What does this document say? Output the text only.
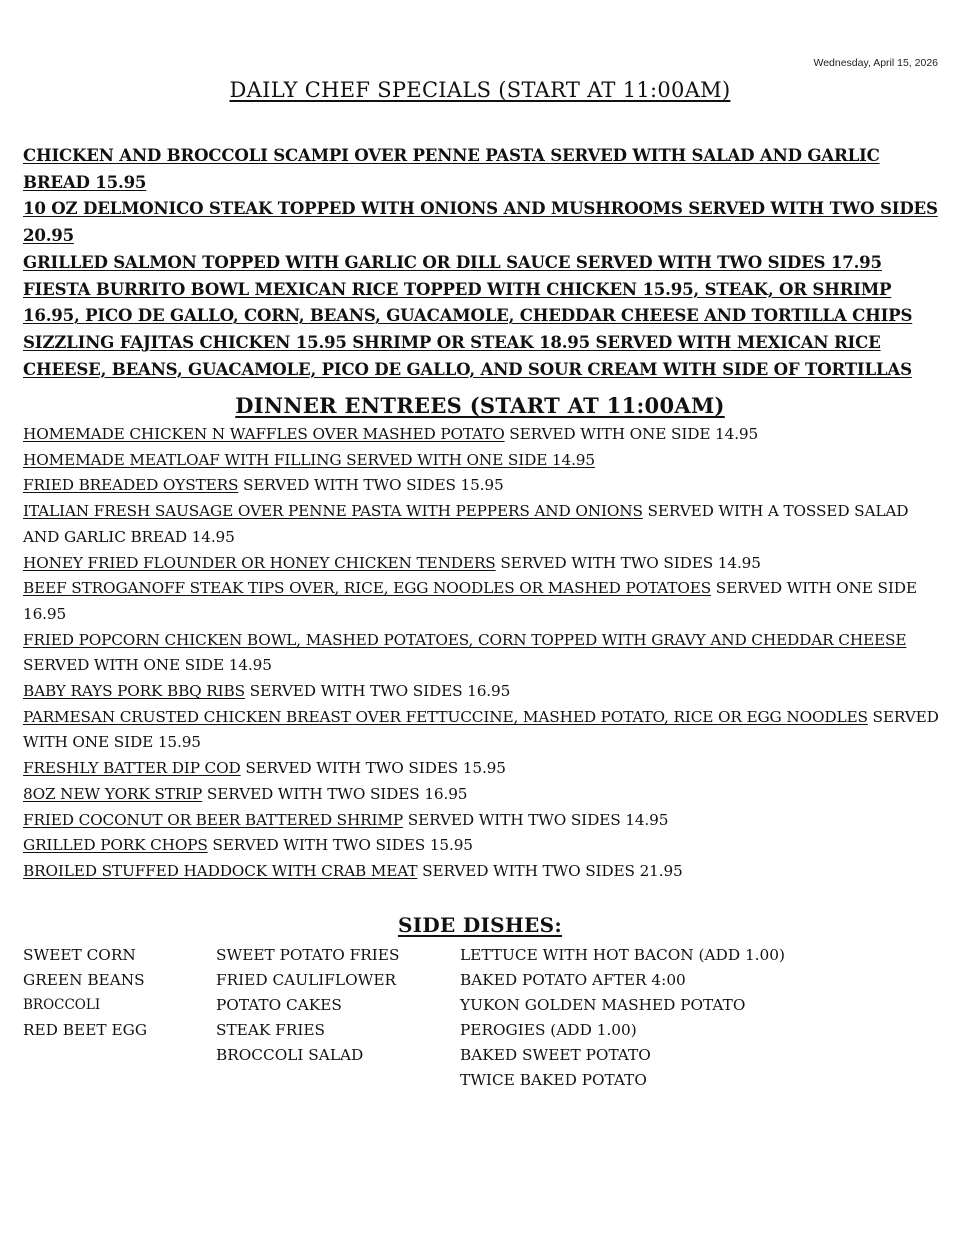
Wednesday, April 15, 2026
DAILY CHEF SPECIALS (START AT 11:00AM)
CHICKEN AND BROCCOLI SCAMPI OVER PENNE PASTA SERVED WITH SALAD AND GARLIC BREAD 15.95
10 OZ DELMONICO STEAK TOPPED WITH ONIONS AND MUSHROOMS SERVED WITH TWO SIDES 20.95
GRILLED SALMON TOPPED WITH GARLIC OR DILL SAUCE SERVED WITH TWO SIDES 17.95
FIESTA BURRITO BOWL MEXICAN RICE TOPPED WITH CHICKEN 15.95, STEAK, OR SHRIMP 16.95, PICO DE GALLO, CORN, BEANS, GUACAMOLE, CHEDDAR CHEESE AND TORTILLA CHIPS
SIZZLING FAJITAS CHICKEN 15.95 SHRIMP OR STEAK 18.95 SERVED WITH MEXICAN RICE CHEESE, BEANS, GUACAMOLE, PICO DE GALLO, AND SOUR CREAM WITH SIDE OF TORTILLAS
DINNER ENTREES (START AT 11:00AM)
HOMEMADE CHICKEN N WAFFLES OVER MASHED POTATO SERVED WITH ONE SIDE 14.95
HOMEMADE MEATLOAF WITH FILLING SERVED WITH ONE SIDE 14.95
FRIED BREADED OYSTERS SERVED WITH TWO SIDES 15.95
ITALIAN FRESH SAUSAGE OVER PENNE PASTA WITH PEPPERS AND ONIONS SERVED WITH A TOSSED SALAD AND GARLIC BREAD 14.95
HONEY FRIED FLOUNDER OR HONEY CHICKEN TENDERS SERVED WITH TWO SIDES 14.95
BEEF STROGANOFF STEAK TIPS OVER, RICE, EGG NOODLES OR MASHED POTATOES SERVED WITH ONE SIDE 16.95
FRIED POPCORN CHICKEN BOWL, MASHED POTATOES, CORN TOPPED WITH GRAVY AND CHEDDAR CHEESE SERVED WITH ONE SIDE 14.95
BABY RAYS PORK BBQ RIBS SERVED WITH TWO SIDES 16.95
PARMESAN CRUSTED CHICKEN BREAST OVER FETTUCCINE, MASHED POTATO, RICE OR EGG NOODLES SERVED WITH ONE SIDE 15.95
FRESHLY BATTER DIP COD SERVED WITH TWO SIDES 15.95
8OZ NEW YORK STRIP SERVED WITH TWO SIDES 16.95
FRIED COCONUT OR BEER BATTERED SHRIMP SERVED WITH TWO SIDES 14.95
GRILLED PORK CHOPS SERVED WITH TWO SIDES 15.95
BROILED STUFFED HADDOCK WITH CRAB MEAT SERVED WITH TWO SIDES 21.95
SIDE DISHES:
SWEET CORN
GREEN BEANS
BROCCOLI
RED BEET EGG
SWEET POTATO FRIES
FRIED CAULIFLOWER
POTATO CAKES
STEAK FRIES
BROCCOLI SALAD
LETTUCE WITH HOT BACON (ADD 1.00)
BAKED POTATO AFTER 4:00
YUKON GOLDEN MASHED POTATO
PEROGIES (ADD 1.00)
BAKED SWEET POTATO
TWICE BAKED POTATO
